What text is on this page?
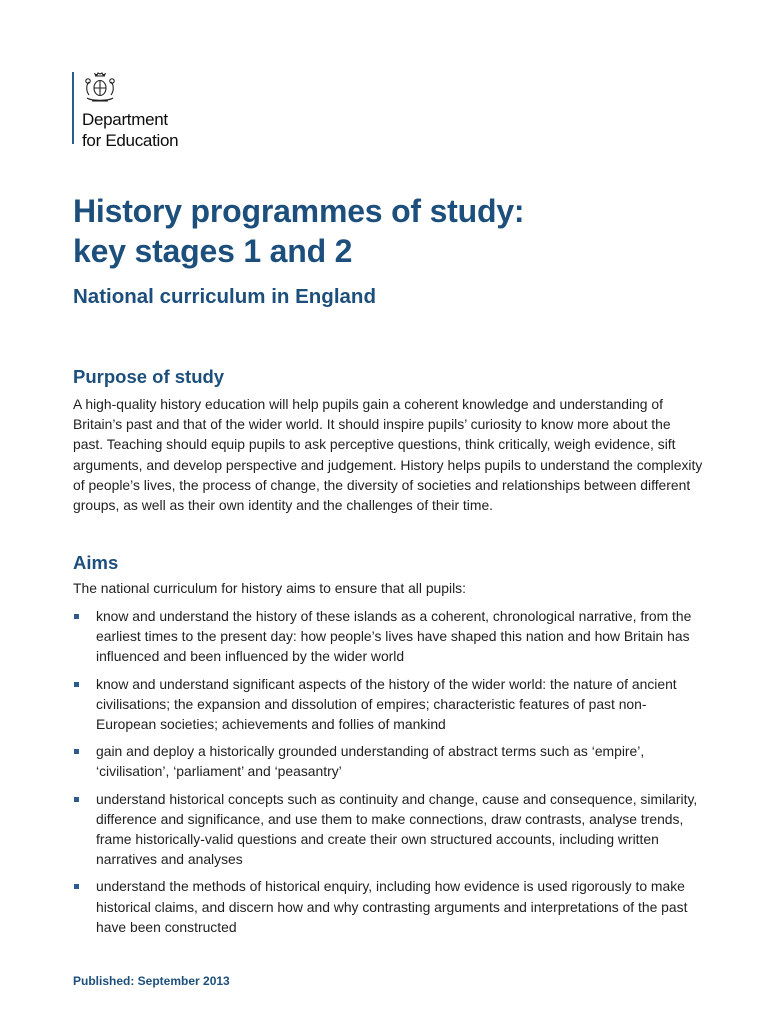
Department
for Education
History programmes of study:
key stages 1 and 2
National curriculum in England
Purpose of study

A high-quality history education will help pupils gain a coherent knowledge and understanding of Britain’s past and that of the wider world. It should inspire pupils’ curiosity to know more about the past. Teaching should equip pupils to ask perceptive questions, think critically, weigh evidence, sift arguments, and develop perspective and judgement. History helps pupils to understand the complexity of people’s lives, the process of change, the diversity of societies and relationships between different groups, as well as their own identity and the challenges of their time.

Aims

The national curriculum for history aims to ensure that all pupils:

know and understand the history of these islands as a coherent, chronological narrative, from the earliest times to the present day: how people’s lives have shaped this nation and how Britain has influenced and been influenced by the wider world
know and understand significant aspects of the history of the wider world: the nature of ancient civilisations; the expansion and dissolution of empires; characteristic features of past non-European societies; achievements and follies of mankind
gain and deploy a historically grounded understanding of abstract terms such as ‘empire’, ‘civilisation’, ‘parliament’ and ‘peasantry’
understand historical concepts such as continuity and change, cause and consequence, similarity, difference and significance, and use them to make connections, draw contrasts, analyse trends, frame historically-valid questions and create their own structured accounts, including written narratives and analyses
understand the methods of historical enquiry, including how evidence is used rigorously to make historical claims, and discern how and why contrasting arguments and interpretations of the past have been constructed

Published: September 2013
